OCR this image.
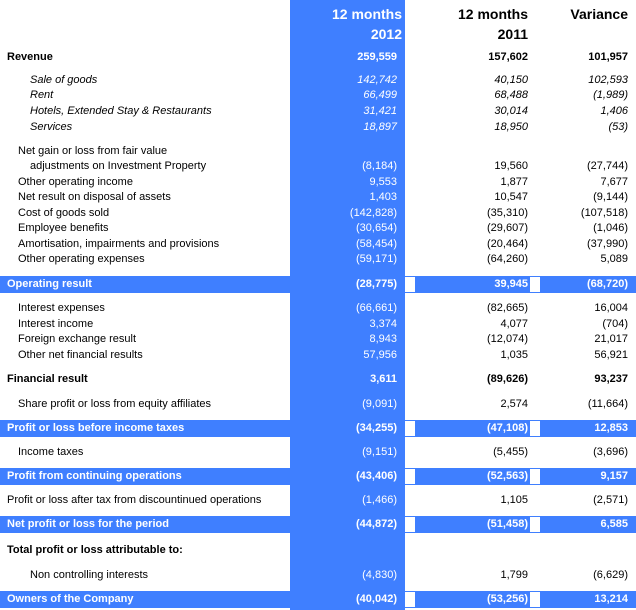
12 months
2012
12 months
2011
Variance
Revenue	259,559	157,602	101,957
Sale of goods	142,742	40,150	102,593
Rent	66,499	68,488	(1,989)
Hotels, Extended Stay & Restaurants	31,421	30,014	1,406
Services	18,897	18,950	(53)
Net gain or loss from fair value
adjustments on Investment Property	(8,184)	19,560	(27,744)
Other operating income	9,553	1,877	7,677
Net result on disposal of assets	1,403	10,547	(9,144)
Cost of goods sold	(142,828)	(35,310)	(107,518)
Employee benefits	(30,654)	(29,607)	(1,046)
Amortisation, impairments and provisions	(58,454)	(20,464)	(37,990)
Other operating expenses	(59,171)	(64,260)	5,089
Operating result	(28,775)	39,945	(68,720)
Interest expenses	(66,661)	(82,665)	16,004
Interest income	3,374	4,077	(704)
Foreign exchange result	8,943	(12,074)	21,017
Other net financial results	57,956	1,035	56,921
Financial result	3,611	(89,626)	93,237
Share profit or loss from equity affiliates	(9,091)	2,574	(11,664)
Profit or loss before income taxes	(34,255)	(47,108)	12,853
Income taxes	(9,151)	(5,455)	(3,696)
Profit from continuing operations	(43,406)	(52,563)	9,157
Profit or loss after tax from discountinued operations	(1,466)	1,105	(2,571)
Net profit or loss for the period	(44,872)	(51,458)	6,585
Total profit or loss attributable to:
Non controlling interests	(4,830)	1,799	(6,629)
Owners of the Company	(40,042)	(53,256)	13,214
